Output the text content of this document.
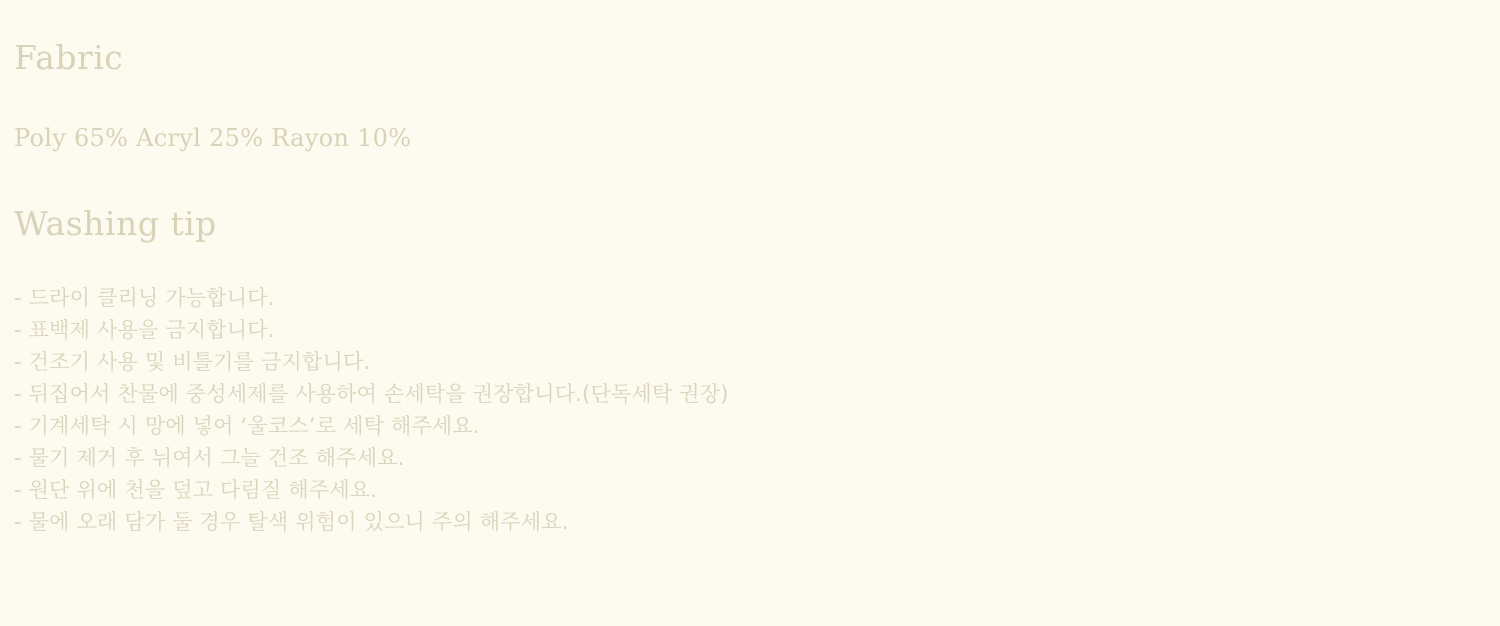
Fabric
Poly 65% Acryl 25% Rayon 10%
Washing tip
- 드라이 클리닝 가능합니다.
- 표백제 사용을 금지합니다.
- 건조기 사용 및 비틀기를 금지합니다.
- 뒤집어서 찬물에 중성세제를 사용하여 손세탁을 권장합니다.(단독세탁 권장)
- 기계세탁 시 망에 넣어 ‘울코스’로 세탁 해주세요.
- 물기 제거 후 뉘여서 그늘 건조 해주세요.
- 원단 위에 천을 덮고 다림질 해주세요.
- 물에 오래 담가 둘 경우 탈색 위험이 있으니 주의 해주세요.
